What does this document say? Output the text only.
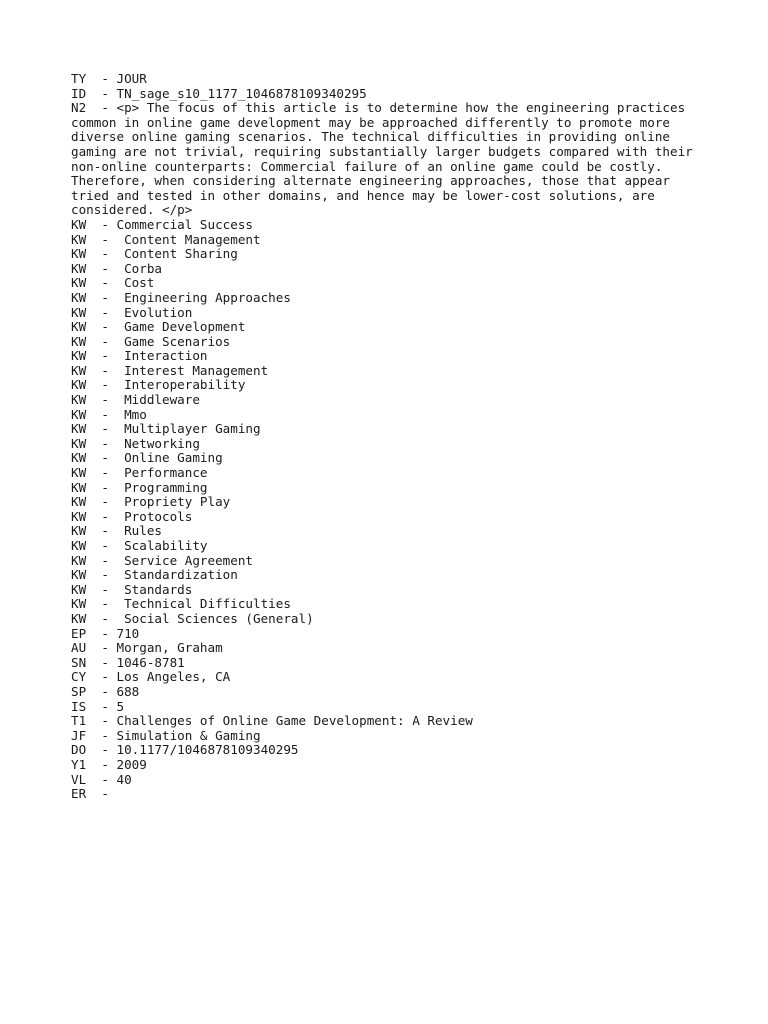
TY  - JOUR
ID  - TN_sage_s10_1177_1046878109340295
N2  - <p> The focus of this article is to determine how the engineering practices
common in online game development may be approached differently to promote more
diverse online gaming scenarios. The technical difficulties in providing online
gaming are not trivial, requiring substantially larger budgets compared with their
non-online counterparts: Commercial failure of an online game could be costly.
Therefore, when considering alternate engineering approaches, those that appear
tried and tested in other domains, and hence may be lower-cost solutions, are
considered. </p>
KW  - Commercial Success
KW  -  Content Management
KW  -  Content Sharing
KW  -  Corba
KW  -  Cost
KW  -  Engineering Approaches
KW  -  Evolution
KW  -  Game Development
KW  -  Game Scenarios
KW  -  Interaction
KW  -  Interest Management
KW  -  Interoperability
KW  -  Middleware
KW  -  Mmo
KW  -  Multiplayer Gaming
KW  -  Networking
KW  -  Online Gaming
KW  -  Performance
KW  -  Programming
KW  -  Propriety Play
KW  -  Protocols
KW  -  Rules
KW  -  Scalability
KW  -  Service Agreement
KW  -  Standardization
KW  -  Standards
KW  -  Technical Difficulties
KW  -  Social Sciences (General)
EP  - 710
AU  - Morgan, Graham
SN  - 1046-8781
CY  - Los Angeles, CA
SP  - 688
IS  - 5
T1  - Challenges of Online Game Development: A Review
JF  - Simulation & Gaming
DO  - 10.1177/1046878109340295
Y1  - 2009
VL  - 40
ER  -
